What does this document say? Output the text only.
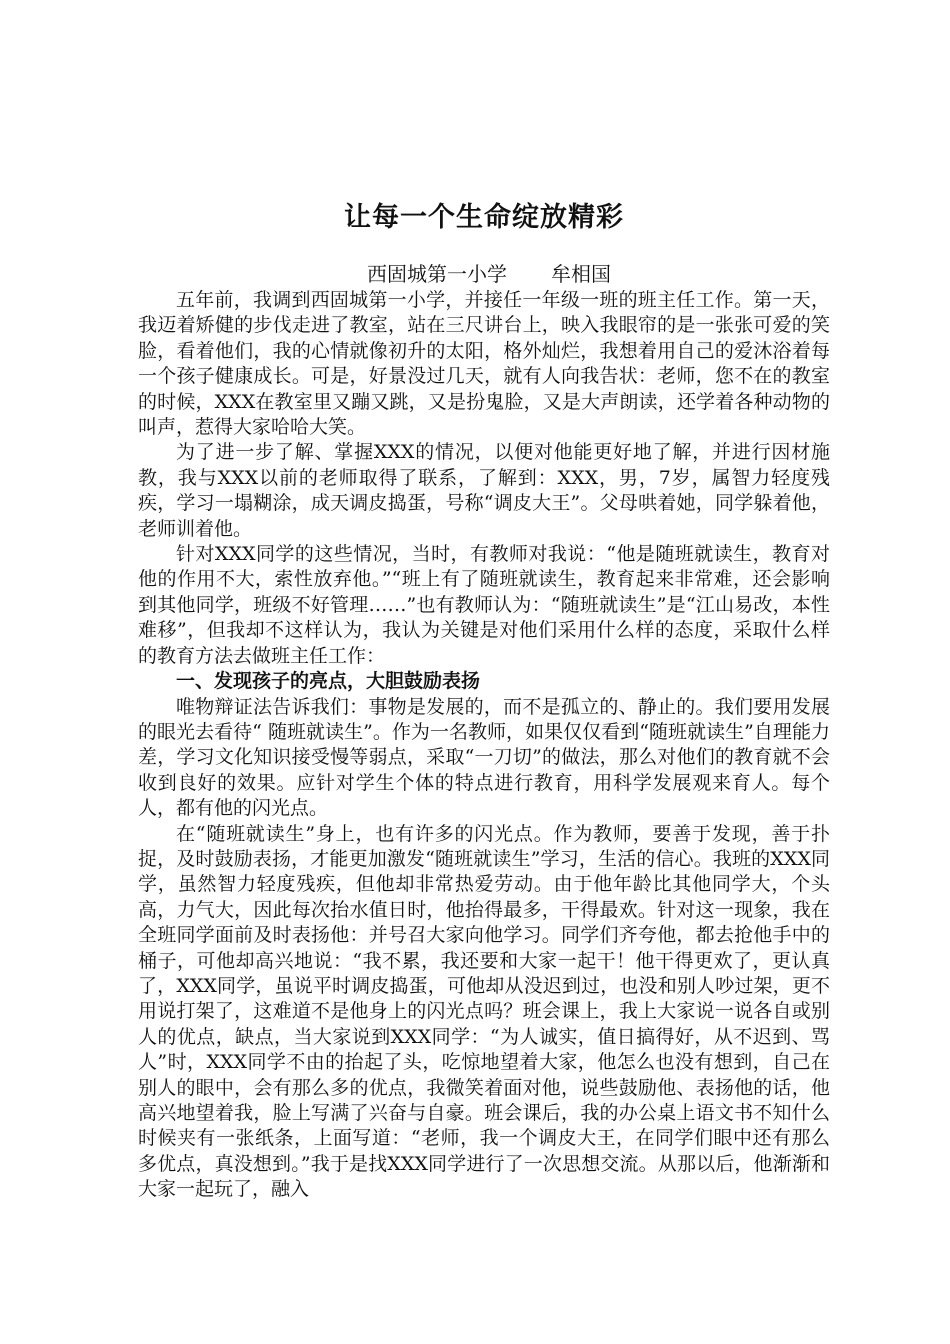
让每一个生命绽放精彩

西固城第一小学 牟相国

五年前，我调到西固城第一小学，并接任一年级一班的班主任工作。第一天，我迈着矫健的步伐走进了教室，站在三尺讲台上，映入我眼帘的是一张张可爱的笑脸，看着他们，我的心情就像初升的太阳，格外灿烂，我想着用自己的爱沐浴着每一个孩子健康成长。可是，好景没过几天，就有人向我告状：老师，您不在的教室的时候，XXX在教室里又蹦又跳，又是扮鬼脸，又是大声朗读，还学着各种动物的叫声，惹得大家哈哈大笑。

为了进一步了解、掌握XXX的情况，以便对他能更好地了解，并进行因材施教，我与XXX以前的老师取得了联系，了解到：XXX，男，7岁，属智力轻度残疾，学习一塌糊涂，成天调皮捣蛋，号称“调皮大王”。父母哄着她，同学躲着他，老师训着他。

针对XXX同学的这些情况，当时，有教师对我说：“他是随班就读生，教育对他的作用不大，索性放弃他。”“班上有了随班就读生，教育起来非常难，还会影响到其他同学，班级不好管理……”也有教师认为：“随班就读生”是“江山易改，本性难移”，但我却不这样认为，我认为关键是对他们采用什么样的态度，采取什么样的教育方法去做班主任工作：

一、发现孩子的亮点，大胆鼓励表扬

唯物辩证法告诉我们：事物是发展的，而不是孤立的、静止的。我们要用发展的眼光去看待“ 随班就读生”。作为一名教师，如果仅仅看到“随班就读生”自理能力差，学习文化知识接受慢等弱点，采取“一刀切”的做法，那么对他们的教育就不会收到良好的效果。应针对学生个体的特点进行教育，用科学发展观来育人。每个人，都有他的闪光点。

在“随班就读生”身上，也有许多的闪光点。作为教师，要善于发现，善于扑捉，及时鼓励表扬，才能更加激发“随班就读生”学习，生活的信心。我班的XXX同学，虽然智力轻度残疾，但他却非常热爱劳动。由于他年龄比其他同学大，个头高，力气大，因此每次抬水值日时，他抬得最多，干得最欢。针对这一现象，我在全班同学面前及时表扬他：并号召大家向他学习。同学们齐夸他，都去抢他手中的桶子，可他却高兴地说：“我不累，我还要和大家一起干！他干得更欢了，更认真了，XXX同学，虽说平时调皮捣蛋，可他却从没迟到过，也没和别人吵过架，更不用说打架了，这难道不是他身上的闪光点吗？班会课上，我上大家说一说各自或别人的优点，缺点，当大家说到XXX同学：“为人诚实，值日搞得好，从不迟到、骂人”时，XXX同学不由的抬起了头，吃惊地望着大家，他怎么也没有想到，自己在别人的眼中，会有那么多的优点，我微笑着面对他，说些鼓励他、表扬他的话，他高兴地望着我，脸上写满了兴奋与自豪。班会课后，我的办公桌上语文书不知什么时候夹有一张纸条，上面写道：“老师，我一个调皮大王，在同学们眼中还有那么多优点，真没想到。”我于是找XXX同学进行了一次思想交流。从那以后，他渐渐和大家一起玩了，融入
